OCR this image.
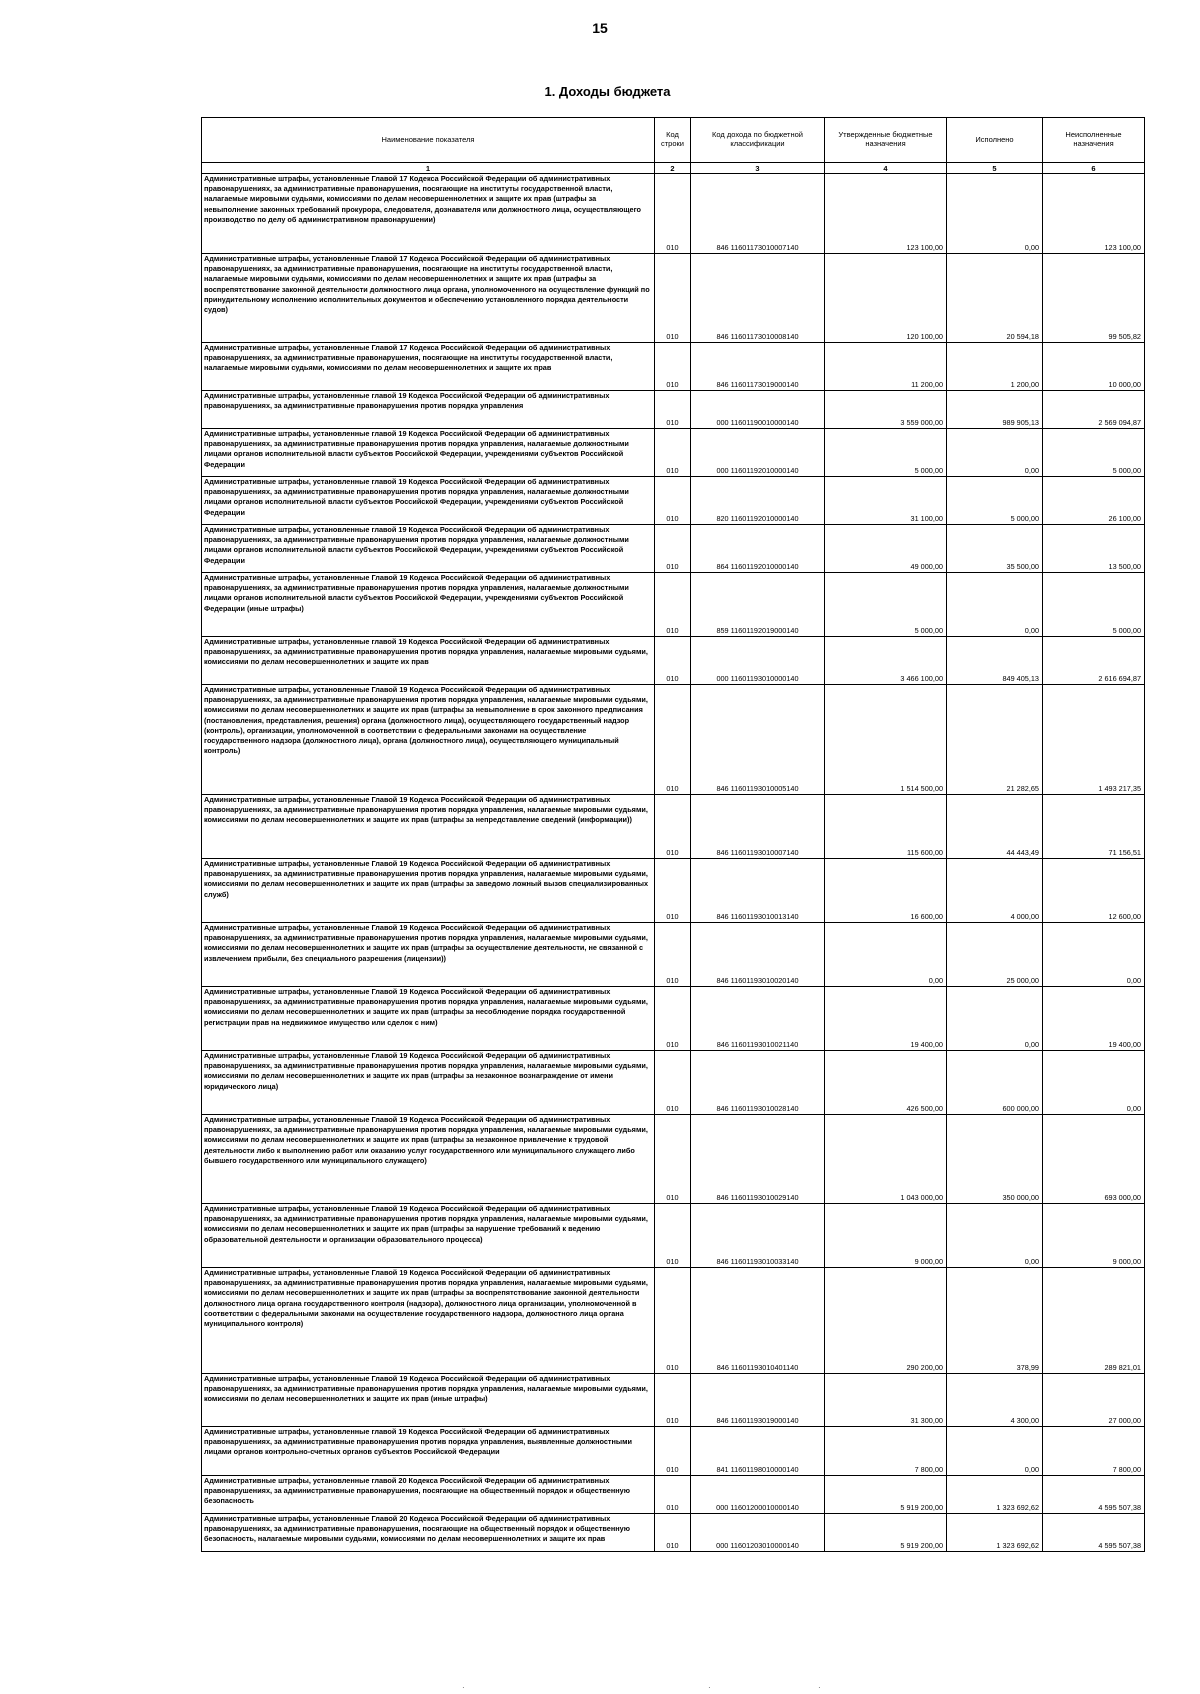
15
1. Доходы бюджета
Наименование показателя	Код строки	Код дохода по бюджетной классификации	Утвержденные бюджетные назначения	Исполнено	Неисполненные назначения
1	2	3	4	5	6
Административные штрафы, установленные Главой 17 Кодекса Российской Федерации об административных правонарушениях, за административные правонарушения, посягающие на институты государственной власти, налагаемые мировыми судьями, комиссиями по делам несовершеннолетних и защите их прав (штрафы за невыполнение законных требований прокурора, следователя, дознавателя или должностного лица, осуществляющего производство по делу об административном правонарушении)	010	846 11601173010007140	123 100,00	0,00	123 100,00
Административные штрафы, установленные Главой 17 Кодекса Российской Федерации об административных правонарушениях, за административные правонарушения, посягающие на институты государственной власти, налагаемые мировыми судьями, комиссиями по делам несовершеннолетних и защите их прав (штрафы за воспрепятствование законной деятельности должностного лица органа, уполномоченного на осуществление функций по принудительному исполнению исполнительных документов и обеспечению установленного порядка деятельности судов)	010	846 11601173010008140	120 100,00	20 594,18	99 505,82
Административные штрафы, установленные Главой 17 Кодекса Российской Федерации об административных правонарушениях, за административные правонарушения, посягающие на институты государственной власти, налагаемые мировыми судьями, комиссиями по делам несовершеннолетних и защите их прав	010	846 11601173019000140	11 200,00	1 200,00	10 000,00
Административные штрафы, установленные главой 19 Кодекса Российской Федерации об административных правонарушениях, за административные правонарушения против порядка управления	010	000 11601190010000140	3 559 000,00	989 905,13	2 569 094,87
Административные штрафы, установленные главой 19 Кодекса Российской Федерации об административных правонарушениях, за административные правонарушения против порядка управления, налагаемые должностными лицами органов исполнительной власти субъектов Российской Федерации, учреждениями субъектов Российской Федерации	010	000 11601192010000140	5 000,00	0,00	5 000,00
Административные штрафы, установленные главой 19 Кодекса Российской Федерации об административных правонарушениях, за административные правонарушения против порядка управления, налагаемые должностными лицами органов исполнительной власти субъектов Российской Федерации, учреждениями субъектов Российской Федерации	010	820 11601192010000140	31 100,00	5 000,00	26 100,00
Административные штрафы, установленные главой 19 Кодекса Российской Федерации об административных правонарушениях, за административные правонарушения против порядка управления, налагаемые должностными лицами органов исполнительной власти субъектов Российской Федерации, учреждениями субъектов Российской Федерации	010	864 11601192010000140	49 000,00	35 500,00	13 500,00
Административные штрафы, установленные Главой 19 Кодекса Российской Федерации об административных правонарушениях, за административные правонарушения против порядка управления, налагаемые должностными лицами органов исполнительной власти субъектов Российской Федерации, учреждениями субъектов Российской Федерации (иные штрафы)	010	859 11601192019000140	5 000,00	0,00	5 000,00
Административные штрафы, установленные главой 19 Кодекса Российской Федерации об административных правонарушениях, за административные правонарушения против порядка управления, налагаемые мировыми судьями, комиссиями по делам несовершеннолетних и защите их прав	010	000 11601193010000140	3 466 100,00	849 405,13	2 616 694,87
Административные штрафы, установленные Главой 19 Кодекса Российской Федерации об административных правонарушениях, за административные правонарушения против порядка управления, налагаемые мировыми судьями, комиссиями по делам несовершеннолетних и защите их прав (штрафы за невыполнение в срок законного предписания (постановления, представления, решения) органа (должностного лица), осуществляющего государственный надзор (контроль), организации, уполномоченной в соответствии с федеральными законами на осуществление государственного надзора (должностного лица), органа (должностного лица), осуществляющего муниципальный контроль)	010	846 11601193010005140	1 514 500,00	21 282,65	1 493 217,35
Административные штрафы, установленные Главой 19 Кодекса Российской Федерации об административных правонарушениях, за административные правонарушения против порядка управления, налагаемые мировыми судьями, комиссиями по делам несовершеннолетних и защите их прав (штрафы за непредставление сведений (информации))	010	846 11601193010007140	115 600,00	44 443,49	71 156,51
Административные штрафы, установленные Главой 19 Кодекса Российской Федерации об административных правонарушениях, за административные правонарушения против порядка управления, налагаемые мировыми судьями, комиссиями по делам несовершеннолетних и защите их прав (штрафы за заведомо ложный вызов специализированных служб)	010	846 11601193010013140	16 600,00	4 000,00	12 600,00
Административные штрафы, установленные Главой 19 Кодекса Российской Федерации об административных правонарушениях, за административные правонарушения против порядка управления, налагаемые мировыми судьями, комиссиями по делам несовершеннолетних и защите их прав (штрафы за осуществление деятельности, не связанной с извлечением прибыли, без специального разрешения (лицензии))	010	846 11601193010020140	0,00	25 000,00	0,00
Административные штрафы, установленные Главой 19 Кодекса Российской Федерации об административных правонарушениях, за административные правонарушения против порядка управления, налагаемые мировыми судьями, комиссиями по делам несовершеннолетних и защите их прав (штрафы за несоблюдение порядка государственной регистрации прав на недвижимое имущество или сделок с ним)	010	846 11601193010021140	19 400,00	0,00	19 400,00
Административные штрафы, установленные Главой 19 Кодекса Российской Федерации об административных правонарушениях, за административные правонарушения против порядка управления, налагаемые мировыми судьями, комиссиями по делам несовершеннолетних и защите их прав (штрафы за незаконное вознаграждение от имени юридического лица)	010	846 11601193010028140	426 500,00	600 000,00	0,00
Административные штрафы, установленные Главой 19 Кодекса Российской Федерации об административных правонарушениях, за административные правонарушения против порядка управления, налагаемые мировыми судьями, комиссиями по делам несовершеннолетних и защите их прав (штрафы за незаконное привлечение к трудовой деятельности либо к выполнению работ или оказанию услуг государственного или муниципального служащего либо бывшего государственного или муниципального служащего)	010	846 11601193010029140	1 043 000,00	350 000,00	693 000,00
Административные штрафы, установленные Главой 19 Кодекса Российской Федерации об административных правонарушениях, за административные правонарушения против порядка управления, налагаемые мировыми судьями, комиссиями по делам несовершеннолетних и защите их прав (штрафы за нарушение требований к ведению образовательной деятельности и организации образовательного процесса)	010	846 11601193010033140	9 000,00	0,00	9 000,00
Административные штрафы, установленные Главой 19 Кодекса Российской Федерации об административных правонарушениях, за административные правонарушения против порядка управления, налагаемые мировыми судьями, комиссиями по делам несовершеннолетних и защите их прав (штрафы за воспрепятствование законной деятельности должностного лица органа государственного контроля (надзора), должностного лица организации, уполномоченной в соответствии с федеральными законами на осуществление государственного надзора, должностного лица органа муниципального контроля)	010	846 11601193010401140	290 200,00	378,99	289 821,01
Административные штрафы, установленные Главой 19 Кодекса Российской Федерации об административных правонарушениях, за административные правонарушения против порядка управления, налагаемые мировыми судьями, комиссиями по делам несовершеннолетних и защите их прав (иные штрафы)	010	846 11601193019000140	31 300,00	4 300,00	27 000,00
Административные штрафы, установленные главой 19 Кодекса Российской Федерации об административных правонарушениях, за административные правонарушения против порядка управления, выявленные должностными лицами органов контрольно-счетных органов субъектов Российской Федерации	010	841 11601198010000140	7 800,00	0,00	7 800,00
Административные штрафы, установленные главой 20 Кодекса Российской Федерации об административных правонарушениях, за административные правонарушения, посягающие на общественный порядок и общественную безопасность	010	000 11601200010000140	5 919 200,00	1 323 692,62	4 595 507,38
Административные штрафы, установленные Главой 20 Кодекса Российской Федерации об административных правонарушениях, за административные правонарушения, посягающие на общественный порядок и общественную безопасность, налагаемые мировыми судьями, комиссиями по делам несовершеннолетних и защите их прав	010	000 11601203010000140	5 919 200,00	1 323 692,62	4 595 507,38
·	·	·
